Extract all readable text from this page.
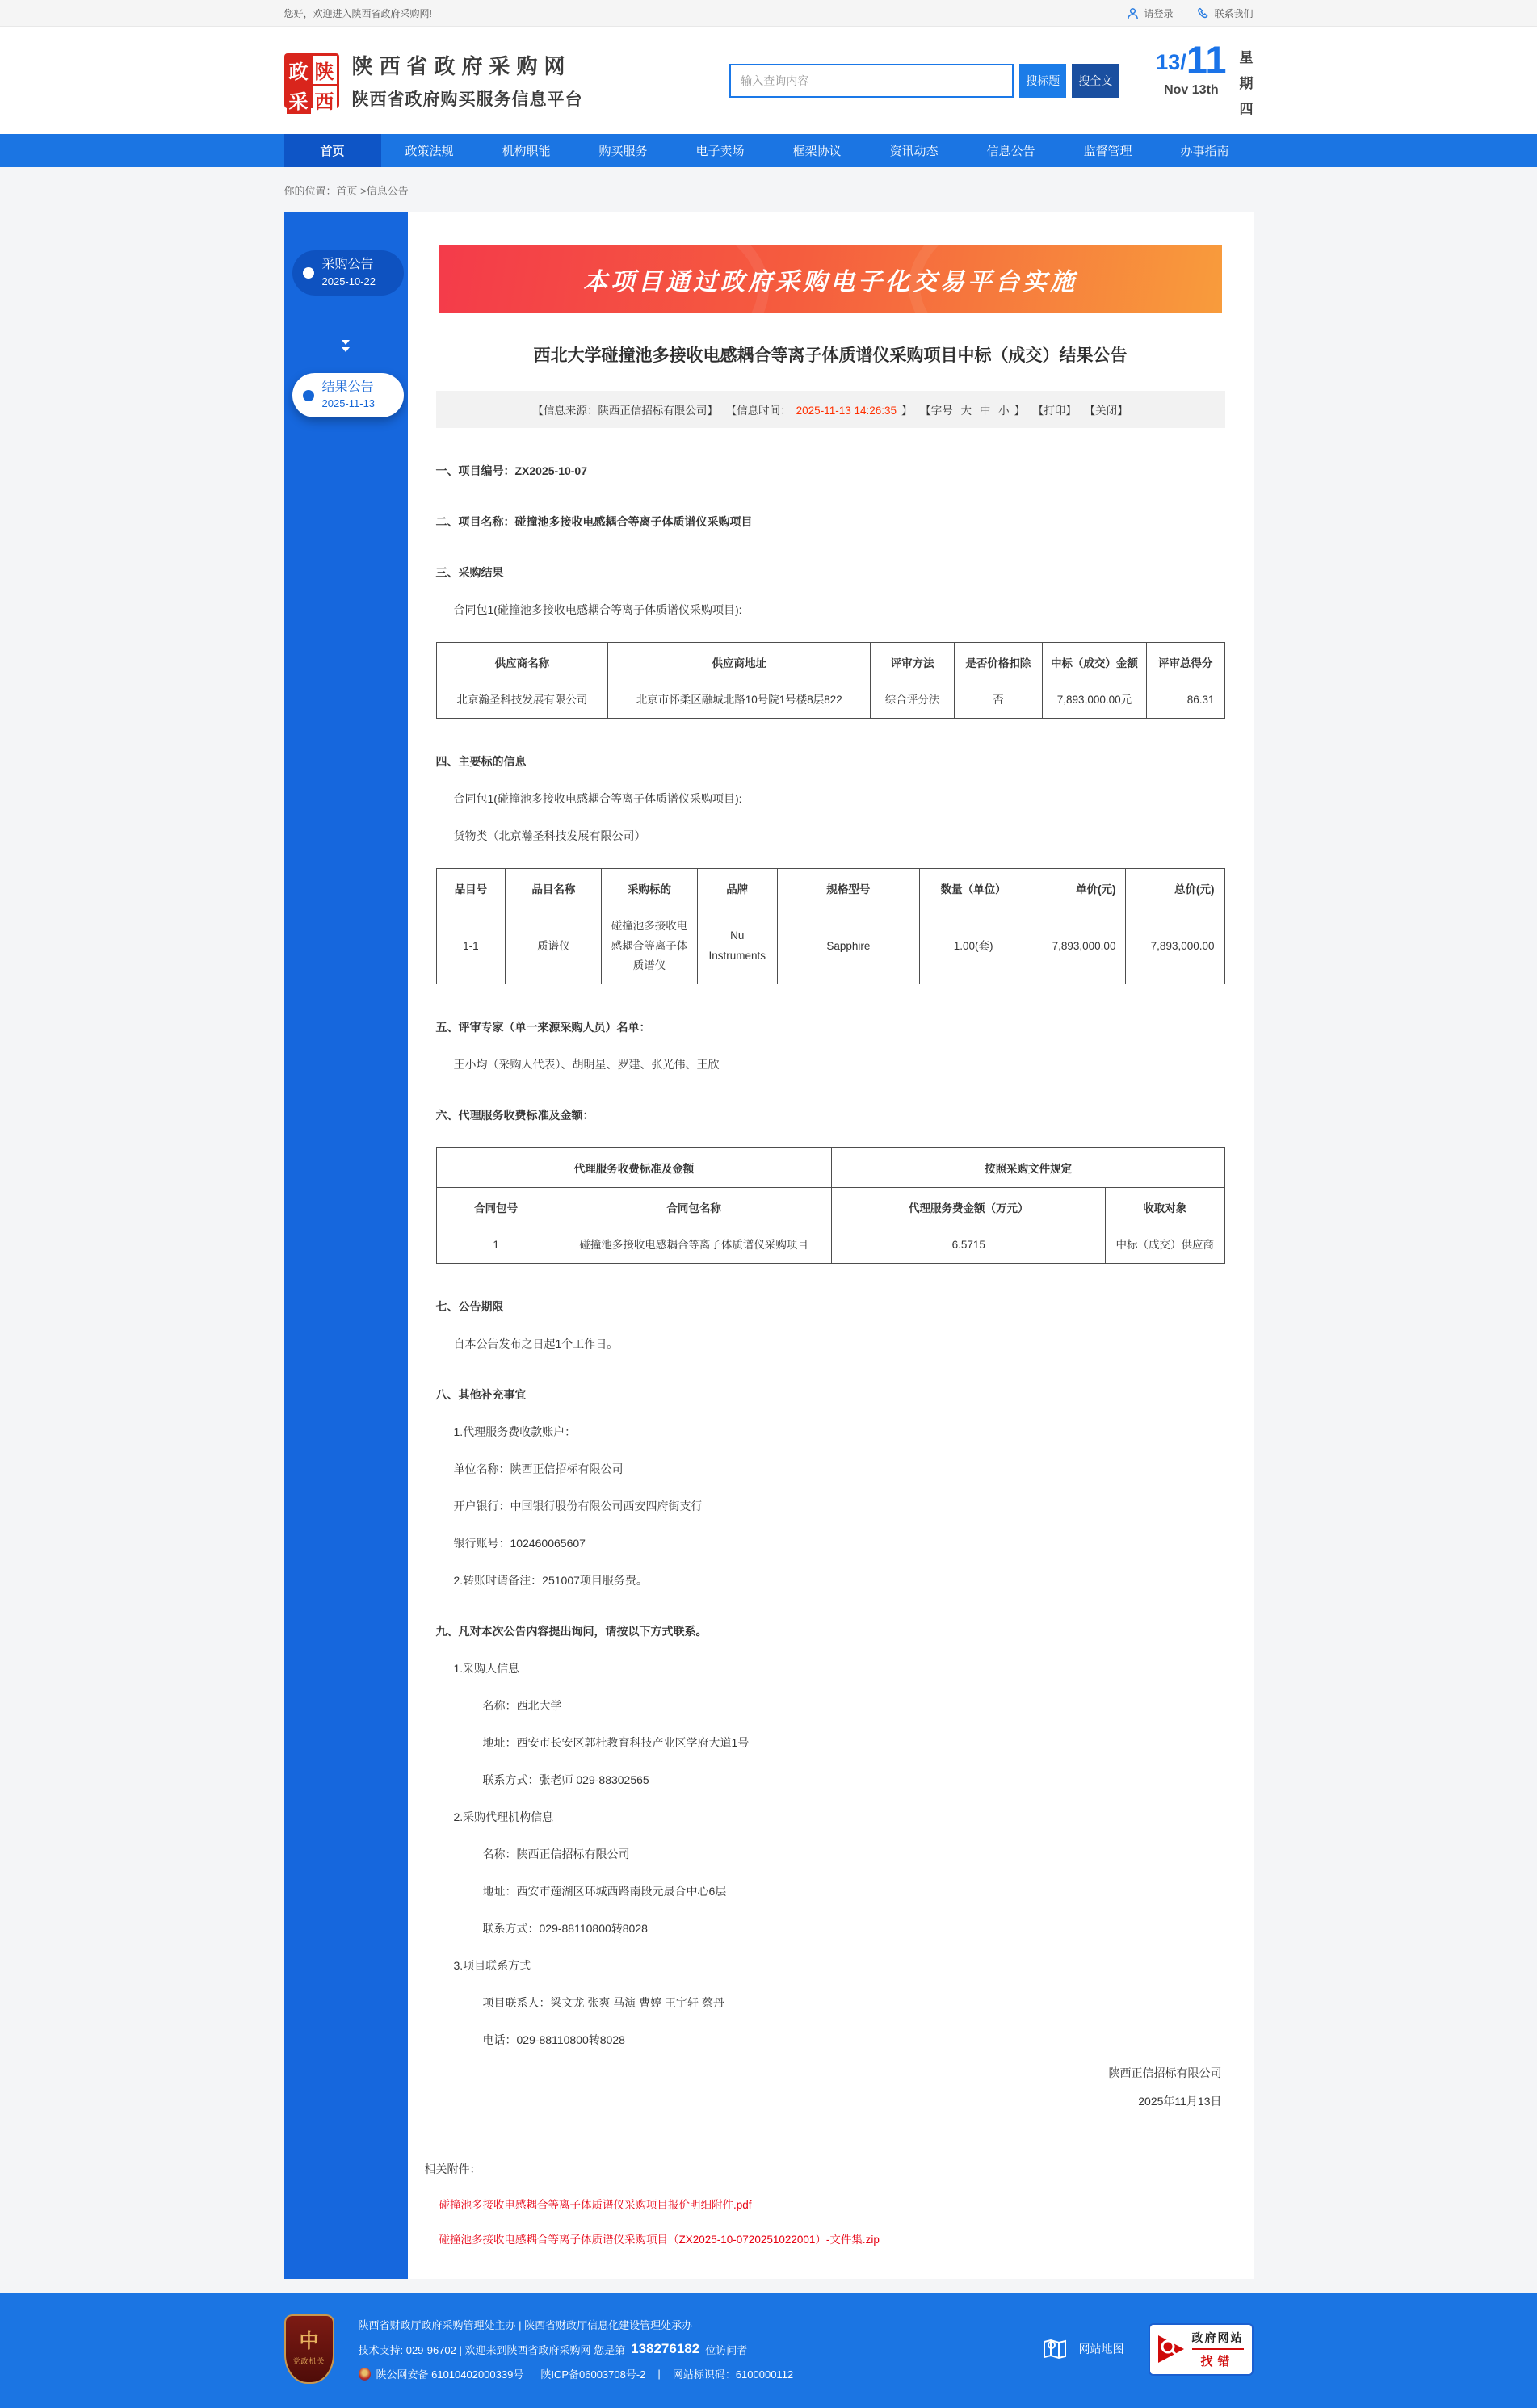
您好，欢迎进入陕西省政府采购网!	请登录	联系我们
政 陕
采 西
陕西省政府采购网
陕西省政府购买服务信息平台
输入查询内容
搜标题	搜全文
13/ 11
Nov 13th
星
期
四
首页	政策法规	机构职能	购买服务	电子卖场	框架协议	资讯动态	信息公告	监督管理	办事指南
你的位置：首页 >信息公告
采购公告
2025-10-22
结果公告
2025-11-13
本项目通过政府采购电子化交易平台实施
西北大学碰撞池多接收电感耦合等离子体质谱仪采购项目中标（成交）结果公告
【信息来源：陕西正信招标有限公司】 【信息时间： 2025-11-13 14:26:35 】 【字号 大 中 小 】 【打印】 【关闭】
一、项目编号：ZX2025-10-07
二、项目名称：碰撞池多接收电感耦合等离子体质谱仪采购项目
三、采购结果
合同包1(碰撞池多接收电感耦合等离子体质谱仪采购项目):
供应商名称	供应商地址	评审方法	是否价格扣除	中标（成交）金额	评审总得分
北京瀚圣科技发展有限公司	北京市怀柔区融城北路10号院1号楼8层822	综合评分法	否	7,893,000.00元	86.31
四、主要标的信息
合同包1(碰撞池多接收电感耦合等离子体质谱仪采购项目):
货物类（北京瀚圣科技发展有限公司）
品目号	品目名称	采购标的	品牌	规格型号	数量（单位）	单价(元)	总价(元)
1-1	质谱仪	碰撞池多接收电感耦合等离子体质谱仪	Nu Instruments	Sapphire	1.00(套)	7,893,000.00	7,893,000.00
五、评审专家（单一来源采购人员）名单：
王小均（采购人代表）、胡明星、罗建、张光伟、王欣
六、代理服务收费标准及金额：
代理服务收费标准及金额		按照采购文件规定	
合同包号	合同包名称	代理服务费金额（万元）	收取对象
1	碰撞池多接收电感耦合等离子体质谱仪采购项目	6.5715	中标（成交）供应商
七、公告期限
自本公告发布之日起1个工作日。
八、其他补充事宜
1.代理服务费收款账户：
单位名称：陕西正信招标有限公司
开户银行：中国银行股份有限公司西安四府街支行
银行账号：102460065607
2.转账时请备注：251007项目服务费。
九、凡对本次公告内容提出询问，请按以下方式联系。
1.采购人信息
名称：西北大学
地址：西安市长安区郭杜教育科技产业区学府大道1号
联系方式：张老师 029-88302565
2.采购代理机构信息
名称：陕西正信招标有限公司
地址：西安市莲湖区环城西路南段元晟合中心6层
联系方式：029-88110800转8028
3.项目联系方式
项目联系人：梁文龙 张爽 马演 曹婷 王宇轩 蔡丹
电话：029-88110800转8028
陕西正信招标有限公司
2025年11月13日
相关附件：
碰撞池多接收电感耦合等离子体质谱仪采购项目报价明细附件.pdf
碰撞池多接收电感耦合等离子体质谱仪采购项目（ZX2025-10-0720251022001）-文件集.zip
中
党政机关
陕西省财政厅政府采购管理处主办 | 陕西省财政厅信息化建设管理处承办
技术支持: 029-96702 | 欢迎来到陕西省政府采购网 您是第 138276182 位访问者
陕公网安备 61010402000339号 陕ICP备06003708号-2 | 网站标识码：6100000112
网站地图
政府网站
找错
